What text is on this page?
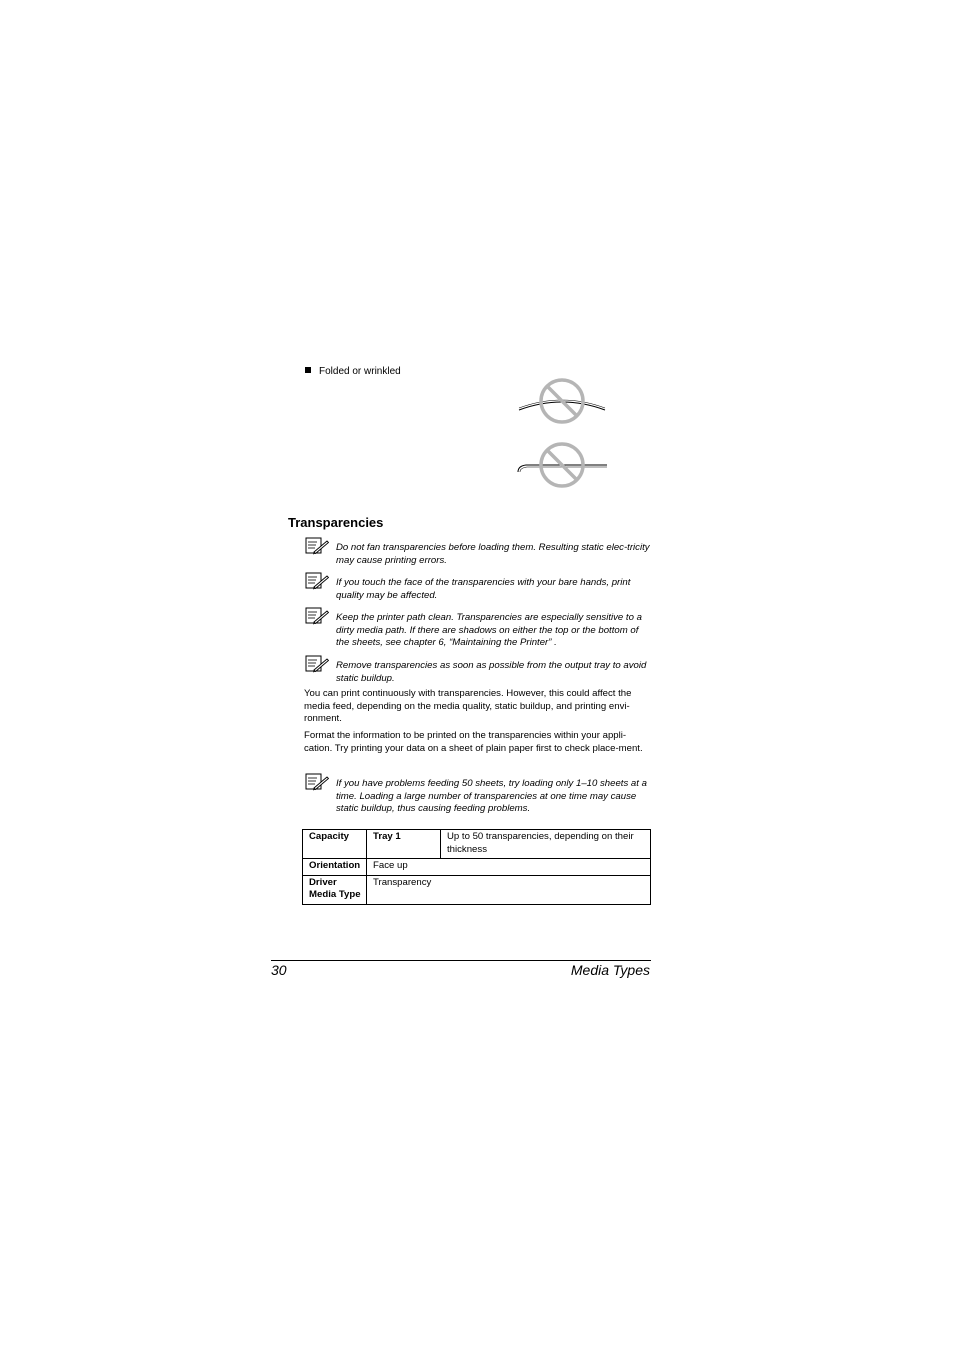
Folded or wrinkled
Transparencies
Do not fan transparencies before loading them. Resulting static elec-tricity may cause printing errors.
If you touch the face of the transparencies with your bare hands, print quality may be affected.
Keep the printer path clean. Transparencies are especially sensitive to a dirty media path. If there are shadows on either the top or the bottom of the sheets, see chapter 6, “Maintaining the Printer” .
Remove transparencies as soon as possible from the output tray to avoid static buildup.
You can print continuously with transparencies. However, this could affect the media feed, depending on the media quality, static buildup, and printing envi-ronment.
Format the information to be printed on the transparencies within your appli-cation. Try printing your data on a sheet of plain paper first to check place-ment.
If you have problems feeding 50 sheets, try loading only 1–10 sheets at a time. Loading a large number of transparencies at one time may cause static buildup, thus causing feeding problems.
Capacity	Tray 1	Up to 50 transparencies, depending on their thickness
Orientation	Face up	
Driver Media Type	Transparency	
30	Media Types
